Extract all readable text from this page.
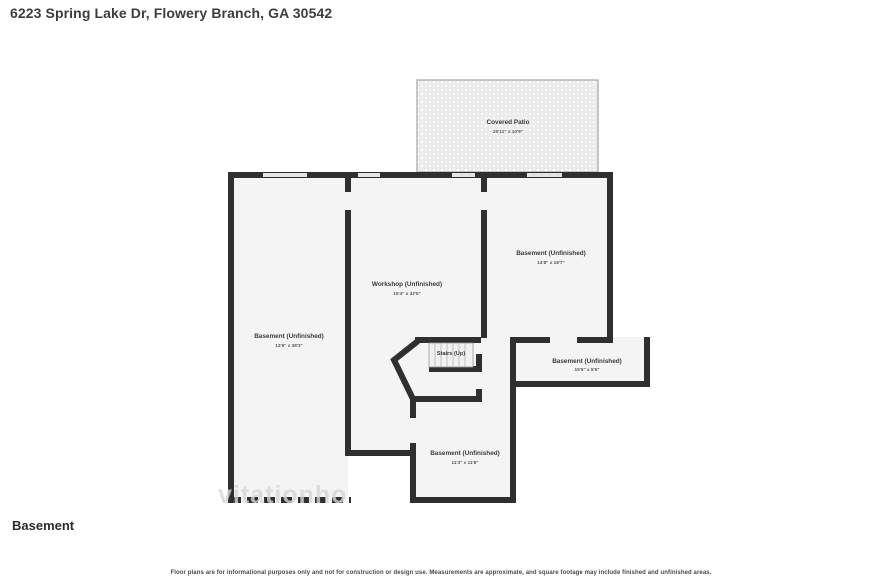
6223 Spring Lake Dr, Flowery Branch, GA 30542
Covered Patio
20'11" x 10'9"
Basement (Unfinished)
14'8" x 18'7"
Workshop (Unfinished)
15'4" x 32'5"
Basement (Unfinished)
13'6" x 38'3"
Stairs (Up)
Basement (Unfinished)
15'6" x 5'5"
Basement (Unfinished)
11'3" x 11'8"
vitationho
Basement
Floor plans are for informational purposes only and not for construction or design use. Measurements are approximate, and square footage may include finished and unfinished areas.
